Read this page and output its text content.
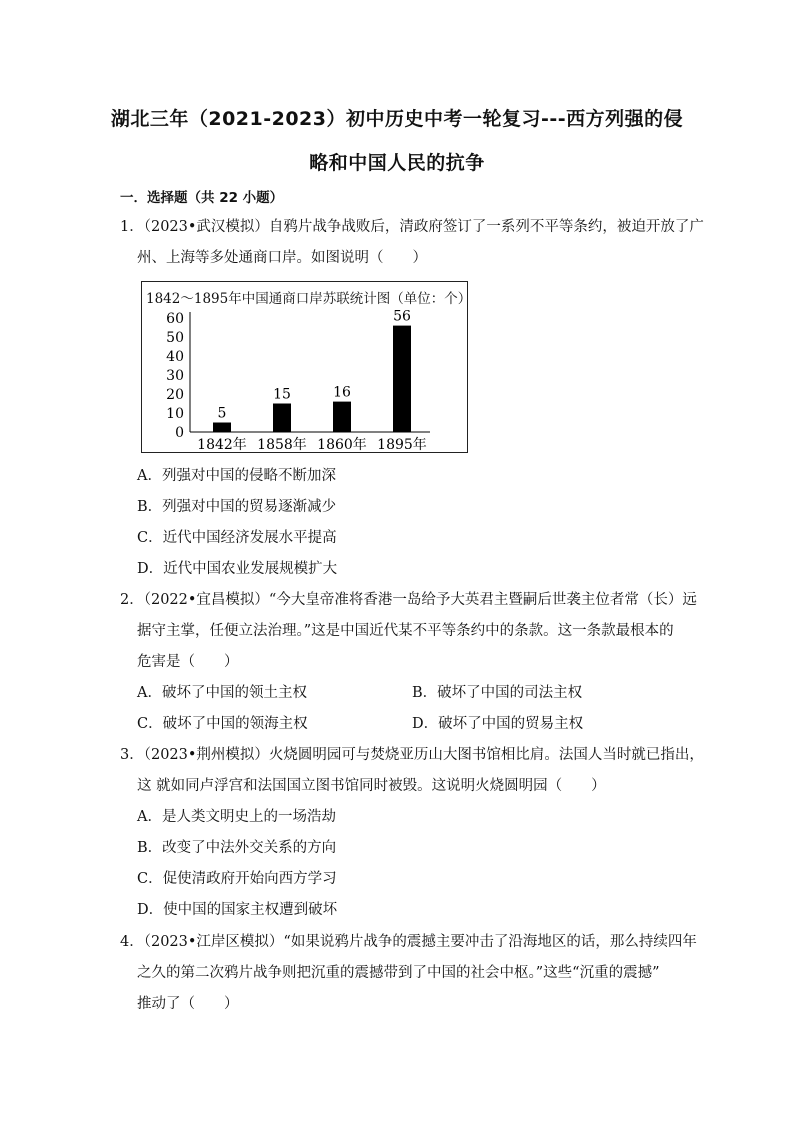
湖北三年（2021-2023）初中历史中考一轮复习---西方列强的侵
略和中国人民的抗争
一．选择题（共 22 小题）
1．（2023•武汉模拟）自鸦片战争战败后，清政府签订了一系列不平等条约，被迫开放了广
州、上海等多处通商口岸。如图说明（　　）
1842～1895年中国通商口岸苏联统计图（单位：个）
60
50
40
30
20
10
0
5
1842年
15
1858年
16
1860年
56
1895年
A．列强对中国的侵略不断加深
B．列强对中国的贸易逐渐减少
C．近代中国经济发展水平提高
D．近代中国农业发展规模扩大
2．（2022•宜昌模拟）“今大皇帝准将香港一岛给予大英君主暨嗣后世袭主位者常（长）远
据守主掌，任便立法治理。”这是中国近代某不平等条约中的条款。这一条款最根本的
危害是（　　）
A．破坏了中国的领土主权	B．破坏了中国的司法主权
C．破坏了中国的领海主权	D．破坏了中国的贸易主权
3．（2023•荆州模拟）火烧圆明园可与焚烧亚历山大图书馆相比肩。法国人当时就已指出，
这 就如同卢浮宫和法国国立图书馆同时被毁。这说明火烧圆明园（　　）
A．是人类文明史上的一场浩劫
B．改变了中法外交关系的方向
C．促使清政府开始向西方学习
D．使中国的国家主权遭到破坏
4．（2023•江岸区模拟）“如果说鸦片战争的震撼主要冲击了沿海地区的话，那么持续四年
之久的第二次鸦片战争则把沉重的震撼带到了中国的社会中枢。”这些“沉重的震撼”
推动了（　　）
